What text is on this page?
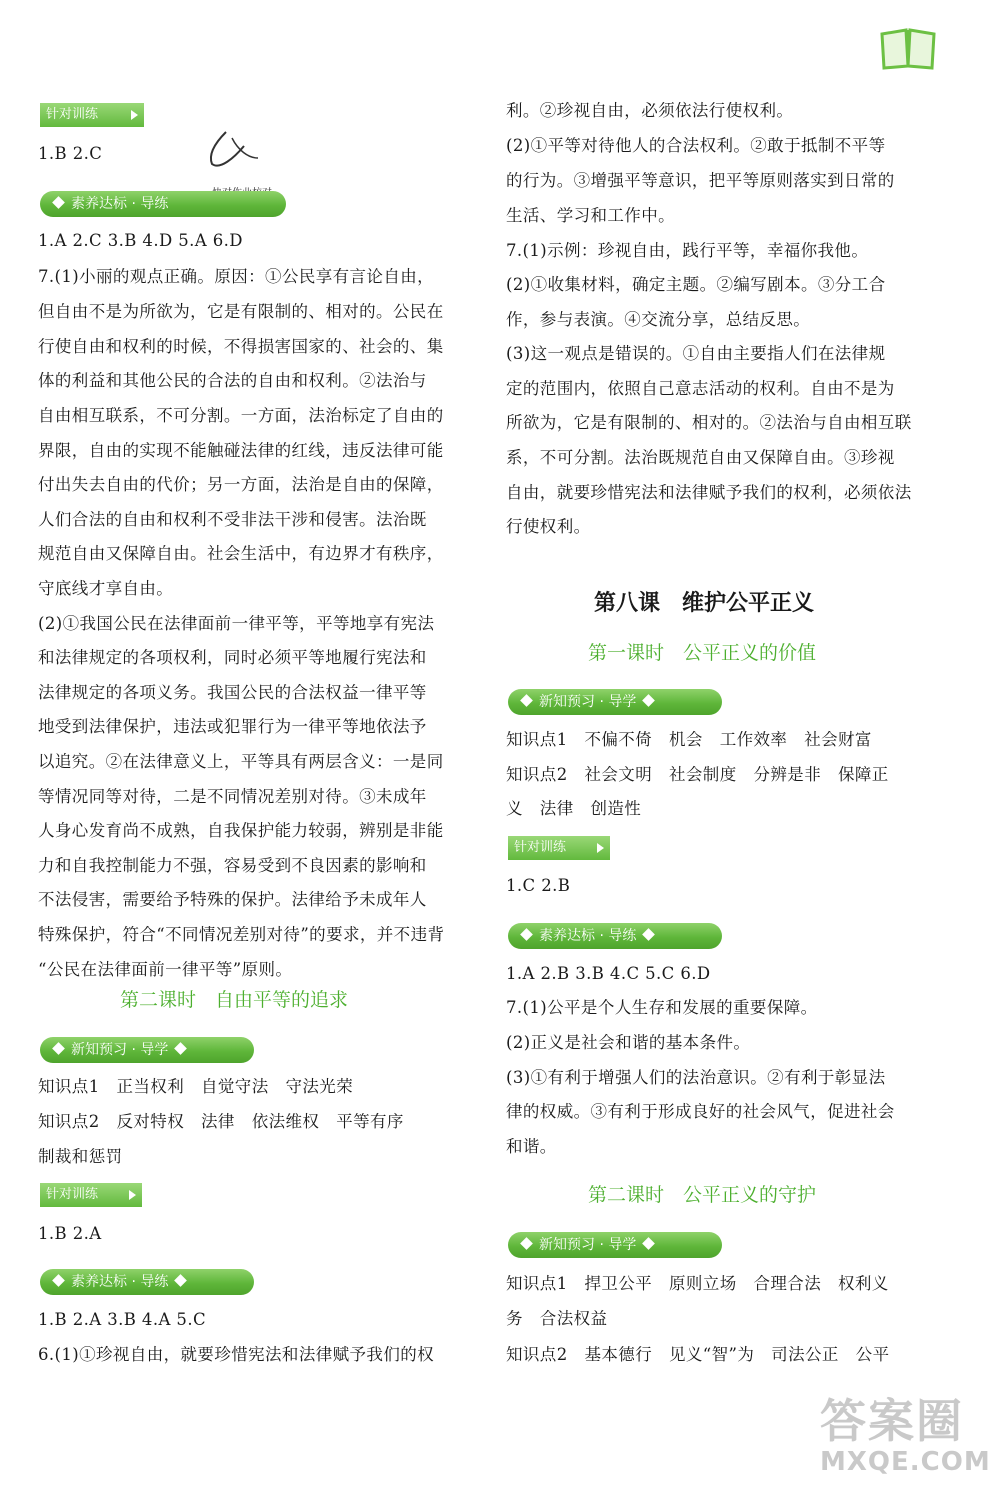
针对训练
1.B 2.C
素养达标 · 导练
1.A 2.C 3.B 4.D 5.A 6.D
7.(1)小丽的观点正确。原因：①公民享有言论自由，
但自由不是为所欲为，它是有限制的、相对的。公民在
行使自由和权利的时候，不得损害国家的、社会的、集
体的利益和其他公民的合法的自由和权利。②法治与
自由相互联系，不可分割。一方面，法治标定了自由的
界限，自由的实现不能触碰法律的红线，违反法律可能
付出失去自由的代价；另一方面，法治是自由的保障，
人们合法的自由和权利不受非法干涉和侵害。法治既
规范自由又保障自由。社会生活中，有边界才有秩序，
守底线才享自由。
(2)①我国公民在法律面前一律平等，平等地享有宪法
和法律规定的各项权利，同时必须平等地履行宪法和
法律规定的各项义务。我国公民的合法权益一律平等
地受到法律保护，违法或犯罪行为一律平等地依法予
以追究。②在法律意义上，平等具有两层含义：一是同
等情况同等对待，二是不同情况差别对待。③未成年
人身心发育尚不成熟，自我保护能力较弱，辨别是非能
力和自我控制能力不强，容易受到不良因素的影响和
不法侵害，需要给予特殊的保护。法律给予未成年人
特殊保护，符合“不同情况差别对待”的要求，并不违背
“公民在法律面前一律平等”原则。
第二课时　自由平等的追求
新知预习 · 导学
知识点1　正当权利　自觉守法　守法光荣
知识点2　反对特权　法律　依法维权　平等有序
制裁和惩罚
针对训练
1.B 2.A
素养达标 · 导练
1.B 2.A 3.B 4.A 5.C
6.(1)①珍视自由，就要珍惜宪法和法律赋予我们的权
利。②珍视自由，必须依法行使权利。
(2)①平等对待他人的合法权利。②敢于抵制不平等
的行为。③增强平等意识，把平等原则落实到日常的
生活、学习和工作中。
7.(1)示例：珍视自由，践行平等，幸福你我他。
(2)①收集材料，确定主题。②编写剧本。③分工合
作，参与表演。④交流分享，总结反思。
(3)这一观点是错误的。①自由主要指人们在法律规
定的范围内，依照自己意志活动的权利。自由不是为
所欲为，它是有限制的、相对的。②法治与自由相互联
系，不可分割。法治既规范自由又保障自由。③珍视
自由，就要珍惜宪法和法律赋予我们的权利，必须依法
行使权利。
第八课　维护公平正义
第一课时　公平正义的价值
新知预习 · 导学
知识点1　不偏不倚　机会　工作效率　社会财富
知识点2　社会文明　社会制度　分辨是非　保障正
义　法律　创造性
针对训练
1.C 2.B
素养达标 · 导练
1.A 2.B 3.B 4.C 5.C 6.D
7.(1)公平是个人生存和发展的重要保障。
(2)正义是社会和谐的基本条件。
(3)①有利于增强人们的法治意识。②有利于彰显法
律的权威。③有利于形成良好的社会风气，促进社会
和谐。
第二课时　公平正义的守护
新知预习 · 导学
知识点1　捍卫公平　原则立场　合理合法　权利义
务　合法权益
知识点2　基本德行　见义“智”为　司法公正　公平
答案圈
MXQE.COM
